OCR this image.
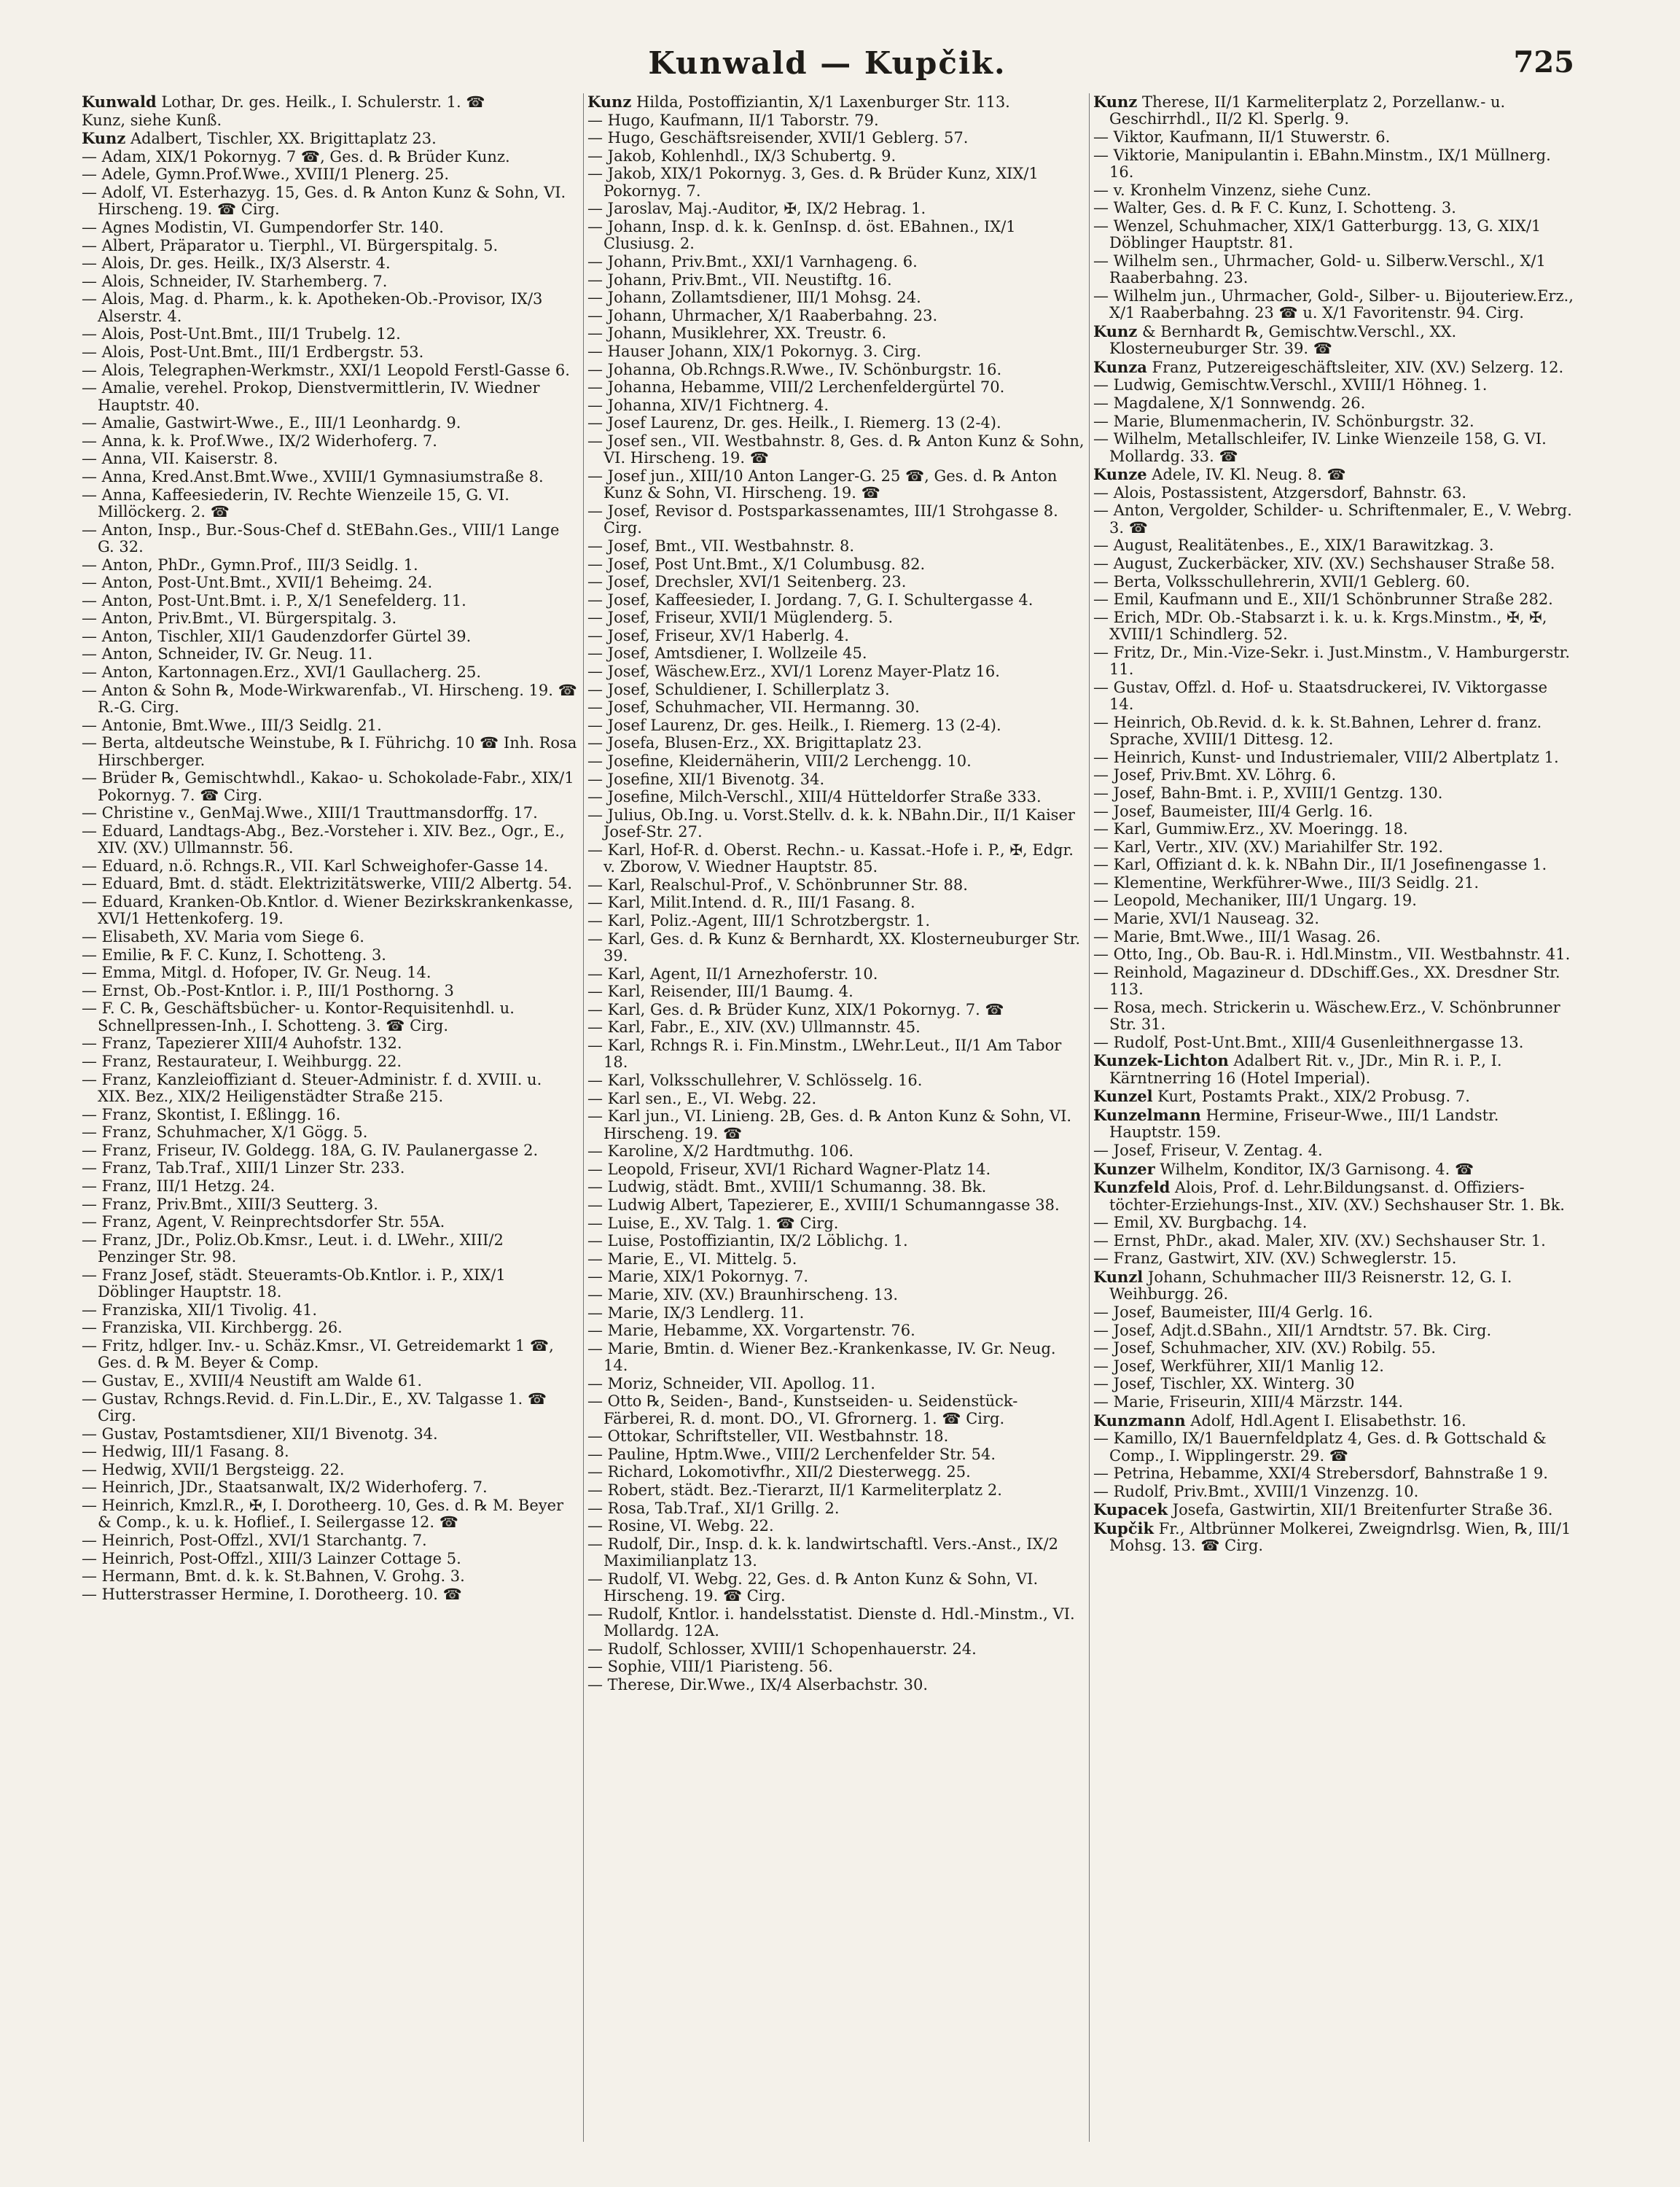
Kunwald — Kupčik.	725
Kunwald Lothar, Dr. ges. Heilk., I. Schulerstr. 1. ☎
Kunz, siehe Kunß.
Kunz Adalbert, Tischler, XX. Brigittaplatz 23.
— Adam, XIX/1 Pokornyg. 7 ☎, Ges. d. ℞ Brüder Kunz.
— Adele, Gymn.Prof.Wwe., XVIII/1 Plenerg. 25.
— Adolf, VI. Esterhazyg. 15, Ges. d. ℞ Anton Kunz & Sohn, VI. Hirscheng. 19. ☎ Cirg.
— Agnes Modistin, VI. Gumpendorfer Str. 140.
— Albert, Präparator u. Tierphl., VI. Bürgerspitalg. 5.
— Alois, Dr. ges. Heilk., IX/3 Alserstr. 4.
— Alois, Schneider, IV. Starhemberg. 7.
— Alois, Mag. d. Pharm., k. k. Apotheken-Ob.-Provisor, IX/3 Alserstr. 4.
— Alois, Post-Unt.Bmt., III/1 Trubelg. 12.
— Alois, Post-Unt.Bmt., III/1 Erdbergstr. 53.
— Alois, Telegraphen-Werkmstr., XXI/1 Leopold Ferstl-Gasse 6.
— Amalie, verehel. Prokop, Dienstvermittlerin, IV. Wiedner Hauptstr. 40.
— Amalie, Gastwirt-Wwe., E., III/1 Leonhardg. 9.
— Anna, k. k. Prof.Wwe., IX/2 Widerhoferg. 7.
— Anna, VII. Kaiserstr. 8.
— Anna, Kred.Anst.Bmt.Wwe., XVIII/1 Gymnasiumstraße 8.
— Anna, Kaffeesiederin, IV. Rechte Wienzeile 15, G. VI. Millöckerg. 2. ☎
— Anton, Insp., Bur.-Sous-Chef d. StEBahn.Ges., VIII/1 Lange G. 32.
— Anton, PhDr., Gymn.Prof., III/3 Seidlg. 1.
— Anton, Post-Unt.Bmt., XVII/1 Beheimg. 24.
— Anton, Post-Unt.Bmt. i. P., X/1 Senefelderg. 11.
— Anton, Priv.Bmt., VI. Bürgerspitalg. 3.
— Anton, Tischler, XII/1 Gaudenzdorfer Gürtel 39.
— Anton, Schneider, IV. Gr. Neug. 11.
— Anton, Kartonnagen.Erz., XVI/1 Gaullacherg. 25.
— Anton & Sohn ℞, Mode-Wirkwarenfab., VI. Hirscheng. 19. ☎ R.-G. Cirg.
— Antonie, Bmt.Wwe., III/3 Seidlg. 21.
— Berta, altdeutsche Weinstube, ℞ I. Führichg. 10 ☎ Inh. Rosa Hirschberger.
— Brüder ℞, Gemischtwhdl., Kakao- u. Schokolade-Fabr., XIX/1 Pokornyg. 7. ☎ Cirg.
— Christine v., GenMaj.Wwe., XIII/1 Trauttmansdorffg. 17.
— Eduard, Landtags-Abg., Bez.-Vorsteher i. XIV. Bez., Ogr., E., XIV. (XV.) Ullmannstr. 56.
— Eduard, n.ö. Rchngs.R., VII. Karl Schweighofer-Gasse 14.
— Eduard, Bmt. d. städt. Elektrizitätswerke, VIII/2 Albertg. 54.
— Eduard, Kranken-Ob.Kntlor. d. Wiener Bezirkskrankenkasse, XVI/1 Hettenkoferg. 19.
— Elisabeth, XV. Maria vom Siege 6.
— Emilie, ℞ F. C. Kunz, I. Schotteng. 3.
— Emma, Mitgl. d. Hofoper, IV. Gr. Neug. 14.
— Ernst, Ob.-Post-Kntlor. i. P., III/1 Posthorng. 3
— F. C. ℞, Geschäftsbücher- u. Kontor-Requisitenhdl. u. Schnellpressen-Inh., I. Schotteng. 3. ☎ Cirg.
— Franz, Tapezierer XIII/4 Auhofstr. 132.
— Franz, Restaurateur, I. Weihburgg. 22.
— Franz, Kanzleioffiziant d. Steuer-Administr. f. d. XVIII. u. XIX. Bez., XIX/2 Heiligenstädter Straße 215.
— Franz, Skontist, I. Eßlingg. 16.
— Franz, Schuhmacher, X/1 Gögg. 5.
— Franz, Friseur, IV. Goldegg. 18A, G. IV. Paulanergasse 2.
— Franz, Tab.Traf., XIII/1 Linzer Str. 233.
— Franz, III/1 Hetzg. 24.
— Franz, Priv.Bmt., XIII/3 Seutterg. 3.
— Franz, Agent, V. Reinprechtsdorfer Str. 55A.
— Franz, JDr., Poliz.Ob.Kmsr., Leut. i. d. LWehr., XIII/2 Penzinger Str. 98.
— Franz Josef, städt. Steueramts-Ob.Kntlor. i. P., XIX/1 Döblinger Hauptstr. 18.
— Franziska, XII/1 Tivolig. 41.
— Franziska, VII. Kirchbergg. 26.
— Fritz, hdlger. Inv.- u. Schäz.Kmsr., VI. Getreidemarkt 1 ☎, Ges. d. ℞ M. Beyer & Comp.
— Gustav, E., XVIII/4 Neustift am Walde 61.
— Gustav, Rchngs.Revid. d. Fin.L.Dir., E., XV. Talgasse 1. ☎ Cirg.
— Gustav, Postamtsdiener, XII/1 Bivenotg. 34.
— Hedwig, III/1 Fasang. 8.
— Hedwig, XVII/1 Bergsteigg. 22.
— Heinrich, JDr., Staatsanwalt, IX/2 Widerhoferg. 7.
— Heinrich, Kmzl.R., ✠, I. Dorotheerg. 10, Ges. d. ℞ M. Beyer & Comp., k. u. k. Hoflief., I. Seilergasse 12. ☎
— Heinrich, Post-Offzl., XVI/1 Starchantg. 7.
— Heinrich, Post-Offzl., XIII/3 Lainzer Cottage 5.
— Hermann, Bmt. d. k. k. St.Bahnen, V. Grohg. 3.
— Hutterstrasser Hermine, I. Dorotheerg. 10. ☎
Kunz Hilda, Postoffiziantin, X/1 Laxenburger Str. 113.
— Hugo, Kaufmann, II/1 Taborstr. 79.
— Hugo, Geschäftsreisender, XVII/1 Geblerg. 57.
— Jakob, Kohlenhdl., IX/3 Schubertg. 9.
— Jakob, XIX/1 Pokornyg. 3, Ges. d. ℞ Brüder Kunz, XIX/1 Pokornyg. 7.
— Jaroslav, Maj.-Auditor, ✠, IX/2 Hebrag. 1.
— Johann, Insp. d. k. k. GenInsp. d. öst. EBahnen., IX/1 Clusiusg. 2.
— Johann, Priv.Bmt., XXI/1 Varnhageng. 6.
— Johann, Priv.Bmt., VII. Neustiftg. 16.
— Johann, Zollamtsdiener, III/1 Mohsg. 24.
— Johann, Uhrmacher, X/1 Raaberbahng. 23.
— Johann, Musiklehrer, XX. Treustr. 6.
— Hauser Johann, XIX/1 Pokornyg. 3. Cirg.
— Johanna, Ob.Rchngs.R.Wwe., IV. Schönburgstr. 16.
— Johanna, Hebamme, VIII/2 Lerchenfeldergürtel 70.
— Johanna, XIV/1 Fichtnerg. 4.
— Josef Laurenz, Dr. ges. Heilk., I. Riemerg. 13 (2-4).
— Josef sen., VII. Westbahnstr. 8, Ges. d. ℞ Anton Kunz & Sohn, VI. Hirscheng. 19. ☎
— Josef jun., XIII/10 Anton Langer-G. 25 ☎, Ges. d. ℞ Anton Kunz & Sohn, VI. Hirscheng. 19. ☎
— Josef, Revisor d. Postsparkassenamtes, III/1 Strohgasse 8. Cirg.
— Josef, Bmt., VII. Westbahnstr. 8.
— Josef, Post Unt.Bmt., X/1 Columbusg. 82.
— Josef, Drechsler, XVI/1 Seitenberg. 23.
— Josef, Kaffeesieder, I. Jordang. 7, G. I. Schultergasse 4.
— Josef, Friseur, XVII/1 Müglenderg. 5.
— Josef, Friseur, XV/1 Haberlg. 4.
— Josef, Amtsdiener, I. Wollzeile 45.
— Josef, Wäschew.Erz., XVI/1 Lorenz Mayer-Platz 16.
— Josef, Schuldiener, I. Schillerplatz 3.
— Josef, Schuhmacher, VII. Hermanng. 30.
— Josef Laurenz, Dr. ges. Heilk., I. Riemerg. 13 (2-4).
— Josefa, Blusen-Erz., XX. Brigittaplatz 23.
— Josefine, Kleidernäherin, VIII/2 Lerchengg. 10.
— Josefine, XII/1 Bivenotg. 34.
— Josefine, Milch-Verschl., XIII/4 Hütteldorfer Straße 333.
— Julius, Ob.Ing. u. Vorst.Stellv. d. k. k. NBahn.Dir., II/1 Kaiser Josef-Str. 27.
— Karl, Hof-R. d. Oberst. Rechn.- u. Kassat.-Hofe i. P., ✠, Edgr. v. Zborow, V. Wiedner Hauptstr. 85.
— Karl, Realschul-Prof., V. Schönbrunner Str. 88.
— Karl, Milit.Intend. d. R., III/1 Fasang. 8.
— Karl, Poliz.-Agent, III/1 Schrotzbergstr. 1.
— Karl, Ges. d. ℞ Kunz & Bernhardt, XX. Klosterneuburger Str. 39.
— Karl, Agent, II/1 Arnezhoferstr. 10.
— Karl, Reisender, III/1 Baumg. 4.
— Karl, Ges. d. ℞ Brüder Kunz, XIX/1 Pokornyg. 7. ☎
— Karl, Fabr., E., XIV. (XV.) Ullmannstr. 45.
— Karl, Rchngs R. i. Fin.Minstm., LWehr.Leut., II/1 Am Tabor 18.
— Karl, Volksschullehrer, V. Schlösselg. 16.
— Karl sen., E., VI. Webg. 22.
— Karl jun., VI. Linieng. 2B, Ges. d. ℞ Anton Kunz & Sohn, VI. Hirscheng. 19. ☎
— Karoline, X/2 Hardtmuthg. 106.
— Leopold, Friseur, XVI/1 Richard Wagner-Platz 14.
— Ludwig, städt. Bmt., XVIII/1 Schumanng. 38. Bk.
— Ludwig Albert, Tapezierer, E., XVIII/1 Schumanngasse 38.
— Luise, E., XV. Talg. 1. ☎ Cirg.
— Luise, Postoffiziantin, IX/2 Löblichg. 1.
— Marie, E., VI. Mittelg. 5.
— Marie, XIX/1 Pokornyg. 7.
— Marie, XIV. (XV.) Braunhirscheng. 13.
— Marie, IX/3 Lendlerg. 11.
— Marie, Hebamme, XX. Vorgartenstr. 76.
— Marie, Bmtin. d. Wiener Bez.-Krankenkasse, IV. Gr. Neug. 14.
— Moriz, Schneider, VII. Apollog. 11.
— Otto ℞, Seiden-, Band-, Kunstseiden- u. Seidenstück-Färberei, R. d. mont. DO., VI. Gfrornerg. 1. ☎ Cirg.
— Ottokar, Schriftsteller, VII. Westbahnstr. 18.
— Pauline, Hptm.Wwe., VIII/2 Lerchenfelder Str. 54.
— Richard, Lokomotivfhr., XII/2 Diesterwegg. 25.
— Robert, städt. Bez.-Tierarzt, II/1 Karmeliterplatz 2.
— Rosa, Tab.Traf., XI/1 Grillg. 2.
— Rosine, VI. Webg. 22.
— Rudolf, Dir., Insp. d. k. k. landwirtschaftl. Vers.-Anst., IX/2 Maximilianplatz 13.
— Rudolf, VI. Webg. 22, Ges. d. ℞ Anton Kunz & Sohn, VI. Hirscheng. 19. ☎ Cirg.
— Rudolf, Kntlor. i. handelsstatist. Dienste d. Hdl.-Minstm., VI. Mollardg. 12A.
— Rudolf, Schlosser, XVIII/1 Schopenhauerstr. 24.
— Sophie, VIII/1 Piaristeng. 56.
— Therese, Dir.Wwe., IX/4 Alserbachstr. 30.
Kunz Therese, II/1 Karmeliterplatz 2, Porzellanw.- u. Geschirrhdl., II/2 Kl. Sperlg. 9.
— Viktor, Kaufmann, II/1 Stuwerstr. 6.
— Viktorie, Manipulantin i. EBahn.Minstm., IX/1 Müllnerg. 16.
— v. Kronhelm Vinzenz, siehe Cunz.
— Walter, Ges. d. ℞ F. C. Kunz, I. Schotteng. 3.
— Wenzel, Schuhmacher, XIX/1 Gatterburgg. 13, G. XIX/1 Döblinger Hauptstr. 81.
— Wilhelm sen., Uhrmacher, Gold- u. Silberw.Verschl., X/1 Raaberbahng. 23.
— Wilhelm jun., Uhrmacher, Gold-, Silber- u. Bijouteriew.Erz., X/1 Raaberbahng. 23 ☎ u. X/1 Favoritenstr. 94. Cirg.
Kunz & Bernhardt ℞, Gemischtw.Verschl., XX. Klosterneuburger Str. 39. ☎
Kunza Franz, Putzereigeschäftsleiter, XIV. (XV.) Selzerg. 12.
— Ludwig, Gemischtw.Verschl., XVIII/1 Höhneg. 1.
— Magdalene, X/1 Sonnwendg. 26.
— Marie, Blumenmacherin, IV. Schönburgstr. 32.
— Wilhelm, Metallschleifer, IV. Linke Wienzeile 158, G. VI. Mollardg. 33. ☎
Kunze Adele, IV. Kl. Neug. 8. ☎
— Alois, Postassistent, Atzgersdorf, Bahnstr. 63.
— Anton, Vergolder, Schilder- u. Schriftenmaler, E., V. Webrg. 3. ☎
— August, Realitätenbes., E., XIX/1 Barawitzkag. 3.
— August, Zuckerbäcker, XIV. (XV.) Sechshauser Straße 58.
— Berta, Volksschullehrerin, XVII/1 Geblerg. 60.
— Emil, Kaufmann und E., XII/1 Schönbrunner Straße 282.
— Erich, MDr. Ob.-Stabsarzt i. k. u. k. Krgs.Minstm., ✠, ✠, XVIII/1 Schindlerg. 52.
— Fritz, Dr., Min.-Vize-Sekr. i. Just.Minstm., V. Hamburgerstr. 11.
— Gustav, Offzl. d. Hof- u. Staatsdruckerei, IV. Viktorgasse 14.
— Heinrich, Ob.Revid. d. k. k. St.Bahnen, Lehrer d. franz. Sprache, XVIII/1 Dittesg. 12.
— Heinrich, Kunst- und Industriemaler, VIII/2 Albertplatz 1.
— Josef, Priv.Bmt. XV. Löhrg. 6.
— Josef, Bahn-Bmt. i. P., XVIII/1 Gentzg. 130.
— Josef, Baumeister, III/4 Gerlg. 16.
— Karl, Gummiw.Erz., XV. Moeringg. 18.
— Karl, Vertr., XIV. (XV.) Mariahilfer Str. 192.
— Karl, Offiziant d. k. k. NBahn Dir., II/1 Josefinengasse 1.
— Klementine, Werkführer-Wwe., III/3 Seidlg. 21.
— Leopold, Mechaniker, III/1 Ungarg. 19.
— Marie, XVI/1 Nauseag. 32.
— Marie, Bmt.Wwe., III/1 Wasag. 26.
— Otto, Ing., Ob. Bau-R. i. Hdl.Minstm., VII. Westbahnstr. 41.
— Reinhold, Magazineur d. DDschiff.Ges., XX. Dresdner Str. 113.
— Rosa, mech. Strickerin u. Wäschew.Erz., V. Schönbrunner Str. 31.
— Rudolf, Post-Unt.Bmt., XIII/4 Gusenleithnergasse 13.
Kunzek-Lichton Adalbert Rit. v., JDr., Min R. i. P., I. Kärntnerring 16 (Hotel Imperial).
Kunzel Kurt, Postamts Prakt., XIX/2 Probusg. 7.
Kunzelmann Hermine, Friseur-Wwe., III/1 Landstr. Hauptstr. 159.
— Josef, Friseur, V. Zentag. 4.
Kunzer Wilhelm, Konditor, IX/3 Garnisong. 4. ☎
Kunzfeld Alois, Prof. d. Lehr.Bildungsanst. d. Offiziers-töchter-Erziehungs-Inst., XIV. (XV.) Sechshauser Str. 1. Bk.
— Emil, XV. Burgbachg. 14.
— Ernst, PhDr., akad. Maler, XIV. (XV.) Sechshauser Str. 1.
— Franz, Gastwirt, XIV. (XV.) Schweglerstr. 15.
Kunzl Johann, Schuhmacher III/3 Reisnerstr. 12, G. I. Weihburgg. 26.
— Josef, Baumeister, III/4 Gerlg. 16.
— Josef, Adjt.d.SBahn., XII/1 Arndtstr. 57. Bk. Cirg.
— Josef, Schuhmacher, XIV. (XV.) Robilg. 55.
— Josef, Werkführer, XII/1 Manlig 12.
— Josef, Tischler, XX. Winterg. 30
— Marie, Friseurin, XIII/4 Märzstr. 144.
Kunzmann Adolf, Hdl.Agent I. Elisabethstr. 16.
— Kamillo, IX/1 Bauernfeldplatz 4, Ges. d. ℞ Gottschald & Comp., I. Wipplingerstr. 29. ☎
— Petrina, Hebamme, XXI/4 Strebersdorf, Bahnstraße 1 9.
— Rudolf, Priv.Bmt., XVIII/1 Vinzenzg. 10.
Kupacek Josefa, Gastwirtin, XII/1 Breitenfurter Straße 36.
Kupčik Fr., Altbrünner Molkerei, Zweigndrlsg. Wien, ℞, III/1 Mohsg. 13. ☎ Cirg.
